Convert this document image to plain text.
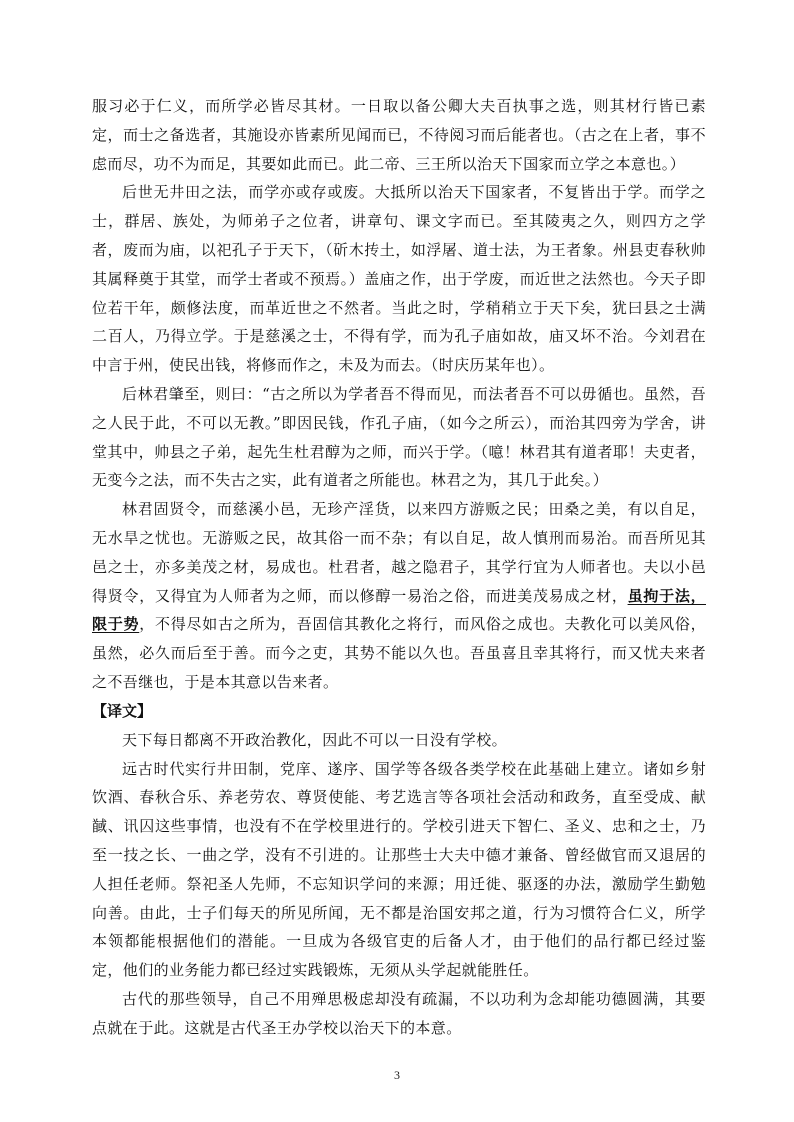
服习必于仁义，而所学必皆尽其材。一日取以备公卿大夫百执事之选，则其材行皆已素定，而士之备选者，其施设亦皆素所见闻而已，不待阅习而后能者也。（古之在上者，事不虑而尽，功不为而足，其要如此而已。此二帝、三王所以治天下国家而立学之本意也。）

后世无井田之法，而学亦或存或废。大抵所以治天下国家者，不复皆出于学。而学之士，群居、族处，为师弟子之位者，讲章句、课文字而已。至其陵夷之久，则四方之学者，废而为庙，以祀孔子于天下，（斫木抟土，如浮屠、道士法，为王者象。州县吏春秋帅其属释奠于其堂，而学士者或不预焉。）盖庙之作，出于学废，而近世之法然也。今天子即位若干年，颇修法度，而革近世之不然者。当此之时，学稍稍立于天下矣，犹曰县之士满二百人，乃得立学。于是慈溪之士，不得有学，而为孔子庙如故，庙又坏不治。今刘君在中言于州，使民出钱，将修而作之，未及为而去。（时庆历某年也）。

后林君肇至，则曰：“古之所以为学者吾不得而见，而法者吾不可以毋循也。虽然，吾之人民于此，不可以无教。”即因民钱，作孔子庙，（如今之所云），而治其四旁为学舍，讲堂其中，帅县之子弟，起先生杜君醇为之师，而兴于学。（噫！林君其有道者耶！夫吏者，无变今之法，而不失古之实，此有道者之所能也。林君之为，其几于此矣。）

林君固贤令，而慈溪小邑，无珍产淫货，以来四方游贩之民；田桑之美，有以自足，无水旱之忧也。无游贩之民，故其俗一而不杂；有以自足，故人慎刑而易治。而吾所见其邑之士，亦多美茂之材，易成也。杜君者，越之隐君子，其学行宜为人师者也。夫以小邑得贤令，又得宜为人师者为之师，而以修醇一易治之俗，而进美茂易成之材，虽拘于法，限于势，不得尽如古之所为，吾固信其教化之将行，而风俗之成也。夫教化可以美风俗，虽然，必久而后至于善。而今之吏，其势不能以久也。吾虽喜且幸其将行，而又忧夫来者之不吾继也，于是本其意以告来者。

【译文】

天下每日都离不开政治教化，因此不可以一日没有学校。

远古时代实行井田制，党庠、遂序、国学等各级各类学校在此基础上建立。诸如乡射饮酒、春秋合乐、养老劳农、尊贤使能、考艺选言等各项社会活动和政务，直至受成、献馘、讯囚这些事情，也没有不在学校里进行的。学校引进天下智仁、圣义、忠和之士，乃至一技之长、一曲之学，没有不引进的。让那些士大夫中德才兼备、曾经做官而又退居的人担任老师。祭祀圣人先师，不忘知识学问的来源；用迁徙、驱逐的办法，激励学生勤勉向善。由此，士子们每天的所见所闻，无不都是治国安邦之道，行为习惯符合仁义，所学本领都能根据他们的潜能。一旦成为各级官吏的后备人才，由于他们的品行都已经过鉴定，他们的业务能力都已经过实践锻炼，无须从头学起就能胜任。

古代的那些领导，自己不用殚思极虑却没有疏漏，不以功利为念却能功德圆满，其要点就在于此。这就是古代圣王办学校以治天下的本意。

3
